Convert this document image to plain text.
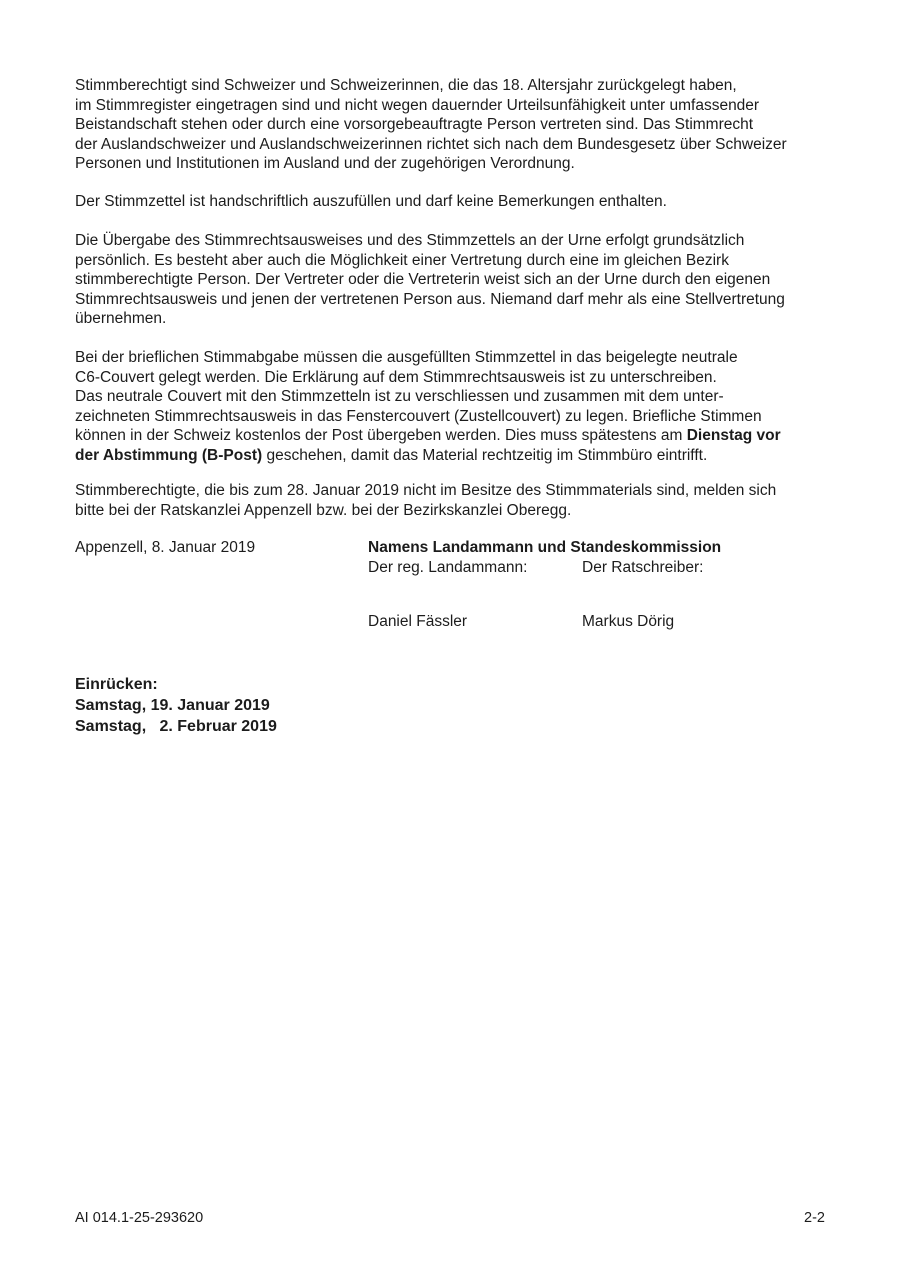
Stimmberechtigt sind Schweizer und Schweizerinnen, die das 18. Altersjahr zurückgelegt haben,
im Stimmregister eingetragen sind und nicht wegen dauernder Urteilsunfähigkeit unter umfassender
Beistandschaft stehen oder durch eine vorsorgebeauftragte Person vertreten sind. Das Stimmrecht
der Auslandschweizer und Auslandschweizerinnen richtet sich nach dem Bundesgesetz über Schweizer
Personen und Institutionen im Ausland und der zugehörigen Verordnung.
Der Stimmzettel ist handschriftlich auszufüllen und darf keine Bemerkungen enthalten.
Die Übergabe des Stimmrechtsausweises und des Stimmzettels an der Urne erfolgt grundsätzlich
persönlich. Es besteht aber auch die Möglichkeit einer Vertretung durch eine im gleichen Bezirk
stimmberechtigte Person. Der Vertreter oder die Vertreterin weist sich an der Urne durch den eigenen
Stimmrechtsausweis und jenen der vertretenen Person aus. Niemand darf mehr als eine Stellvertretung
übernehmen.
Bei der brieflichen Stimmabgabe müssen die ausgefüllten Stimmzettel in das beigelegte neutrale
C6-Couvert gelegt werden. Die Erklärung auf dem Stimmrechtsausweis ist zu unterschreiben.
Das neutrale Couvert mit den Stimmzetteln ist zu verschliessen und zusammen mit dem unter-
zeichneten Stimmrechtsausweis in das Fenstercouvert (Zustellcouvert) zu legen. Briefliche Stimmen
können in der Schweiz kostenlos der Post übergeben werden. Dies muss spätestens am Dienstag vor
der Abstimmung (B-Post) geschehen, damit das Material rechtzeitig im Stimmbüro eintrifft.
Stimmberechtigte, die bis zum 28. Januar 2019 nicht im Besitze des Stimmmaterials sind, melden sich
bitte bei der Ratskanzlei Appenzell bzw. bei der Bezirkskanzlei Oberegg.
Appenzell, 8. Januar 2019	Namens Landammann und Standeskommission
Der reg. Landammann:	Der Ratschreiber:
Daniel Fässler	Markus Dörig
Einrücken:
Samstag, 19. Januar 2019
Samstag,   2. Februar 2019
AI 014.1-25-293620	2-2
